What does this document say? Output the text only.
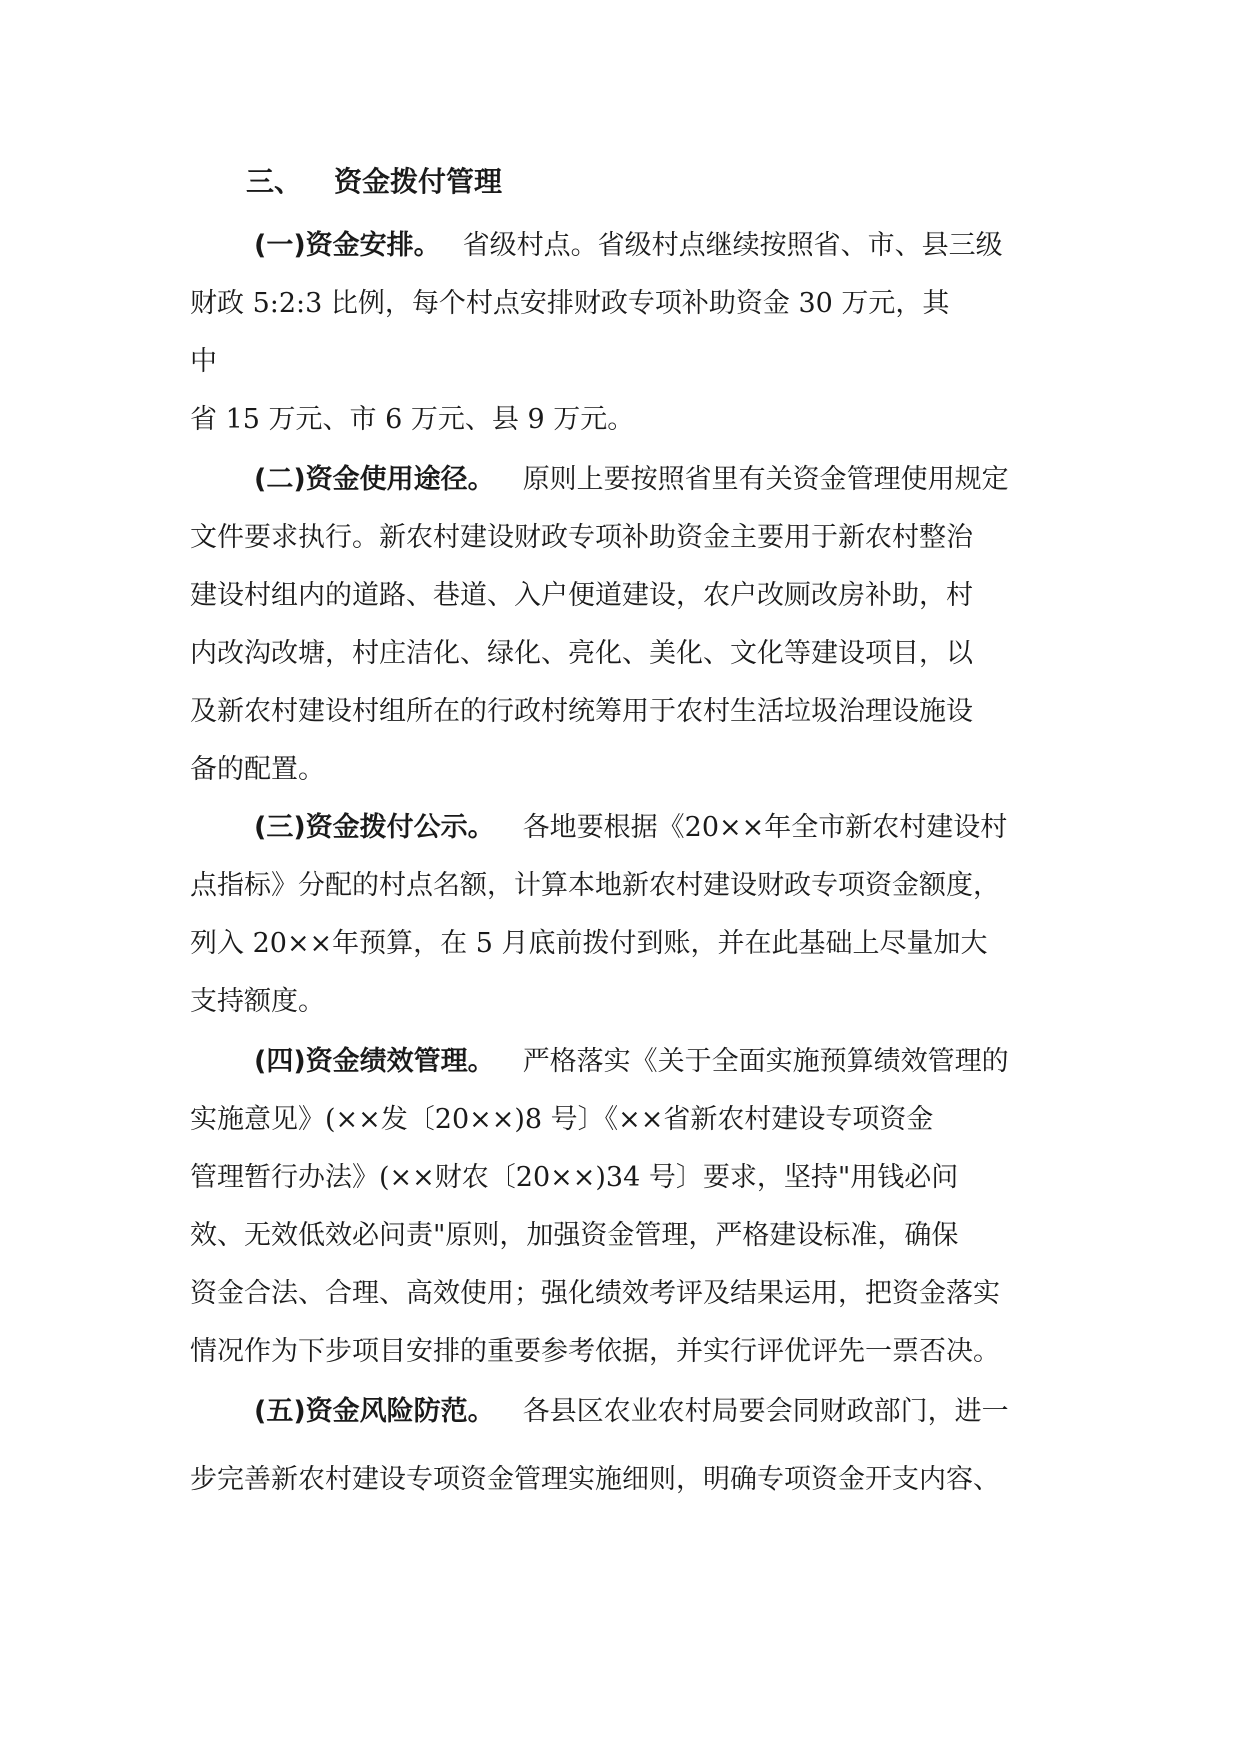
三、 资金拨付管理
(一)资金安排。 省级村点。省级村点继续按照省、市、县三级
财政 5:2:3 比例，每个村点安排财政专项补助资金 30 万元，其
中
省 15 万元、市 6 万元、县 9 万元。
(二)资金使用途径。 原则上要按照省里有关资金管理使用规定
文件要求执行。新农村建设财政专项补助资金主要用于新农村整治
建设村组内的道路、巷道、入户便道建设，农户改厕改房补助，村
内改沟改塘，村庄洁化、绿化、亮化、美化、文化等建设项目，以
及新农村建设村组所在的行政村统筹用于农村生活垃圾治理设施设
备的配置。
(三)资金拨付公示。 各地要根据《20××年全市新农村建设村
点指标》分配的村点名额，计算本地新农村建设财政专项资金额度，
列入 20××年预算，在 5 月底前拨付到账，并在此基础上尽量加大
支持额度。
(四)资金绩效管理。 严格落实《关于全面实施预算绩效管理的
实施意见》(××发〔20××)8 号〕《××省新农村建设专项资金
管理暂行办法》(××财农〔20××)34 号〕要求，坚持"用钱必问
效、无效低效必问责"原则，加强资金管理，严格建设标准，确保
资金合法、合理、高效使用；强化绩效考评及结果运用，把资金落实
情况作为下步项目安排的重要参考依据，并实行评优评先一票否决。
(五)资金风险防范。 各县区农业农村局要会同财政部门，进一
步完善新农村建设专项资金管理实施细则，明确专项资金开支内容、
